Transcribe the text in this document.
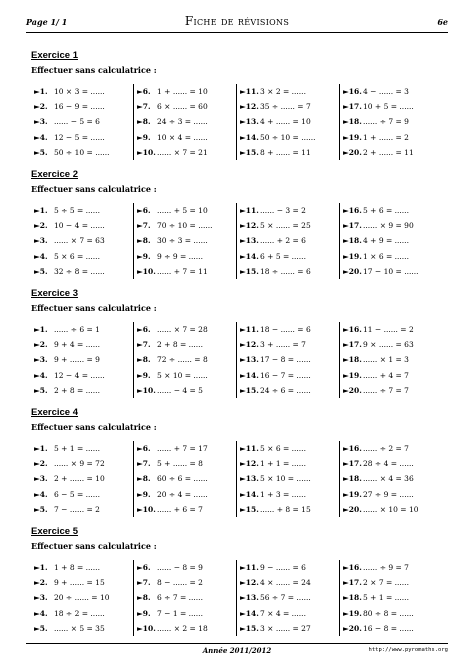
Page 1/ 1	Fiche de révisions	6e
Exercice 1
Effectuer sans calculatrice :
►1. 10 × 3 = ......
►2. 16 − 9 = ......
►3. ...... − 5 = 6
►4. 12 − 5 = ......
►5. 50 ÷ 10 = ......
►6. 1 + ...... = 10
►7. 6 × ...... = 60
►8. 24 ÷ 3 = ......
►9. 10 × 4 = ......
►10....... × 7 = 21
►11.3 × 2 = ......
►12.35 ÷ ...... = 7
►13.4 + ...... = 10
►14.50 ÷ 10 = ......
►15.8 + ...... = 11
►16.4 − ...... = 3
►17.10 + 5 = ......
►18....... ÷ 7 = 9
►19.1 + ...... = 2
►20.2 + ...... = 11
Exercice 2
Effectuer sans calculatrice :
►1. 5 ÷ 5 = ......
►2. 10 − 4 = ......
►3. ...... × 7 = 63
►4. 5 × 6 = ......
►5. 32 ÷ 8 = ......
►6. ...... + 5 = 10
►7. 70 ÷ 10 = ......
►8. 30 ÷ 3 = ......
►9. 9 ÷ 9 = ......
►10....... + 7 = 11
►11....... − 3 = 2
►12.5 × ...... = 25
►13....... + 2 = 6
►14.6 + 5 = ......
►15.18 ÷ ...... = 6
►16.5 + 6 = ......
►17....... × 9 = 90
►18.4 + 9 = ......
►19.1 × 6 = ......
►20.17 − 10 = ......
Exercice 3
Effectuer sans calculatrice :
►1. ...... ÷ 6 = 1
►2. 9 + 4 = ......
►3. 9 + ...... = 9
►4. 12 − 4 = ......
►5. 2 + 8 = ......
►6. ...... × 7 = 28
►7. 2 + 8 = ......
►8. 72 ÷ ...... = 8
►9. 5 × 10 = ......
►10....... − 4 = 5
►11.18 − ...... = 6
►12.3 + ...... = 7
►13.17 − 8 = ......
►14.16 − 7 = ......
►15.24 ÷ 6 = ......
►16.11 − ...... = 2
►17.9 × ...... = 63
►18....... × 1 = 3
►19....... + 4 = 7
►20....... ÷ 7 = 7
Exercice 4
Effectuer sans calculatrice :
►1. 5 + 1 = ......
►2. ...... × 9 = 72
►3. 2 + ...... = 10
►4. 6 − 5 = ......
►5. 7 − ...... = 2
►6. ...... + 7 = 17
►7. 5 + ...... = 8
►8. 60 ÷ 6 = ......
►9. 20 ÷ 4 = ......
►10....... + 6 = 7
►11.5 × 6 = ......
►12.1 + 1 = ......
►13.5 × 10 = ......
►14.1 + 3 = ......
►15....... + 8 = 15
►16....... ÷ 2 = 7
►17.28 ÷ 4 = ......
►18....... × 4 = 36
►19.27 ÷ 9 = ......
►20....... × 10 = 10
Exercice 5
Effectuer sans calculatrice :
►1. 1 + 8 = ......
►2. 9 + ...... = 15
►3. 20 ÷ ...... = 10
►4. 18 ÷ 2 = ......
►5. ...... × 5 = 35
►6. ...... − 8 = 9
►7. 8 − ...... = 2
►8. 6 ÷ 7 = ......
►9. 7 − 1 = ......
►10....... × 2 = 18
►11.9 − ...... = 6
►12.4 × ...... = 24
►13.56 ÷ 7 = ......
►14.7 × 4 = ......
►15.3 × ...... = 27
►16....... ÷ 9 = 7
►17.2 × 7 = ......
►18.5 + 1 = ......
►19.80 ÷ 8 = ......
►20.16 − 8 = ......
Année 2011/2012	http://www.pyromaths.org
